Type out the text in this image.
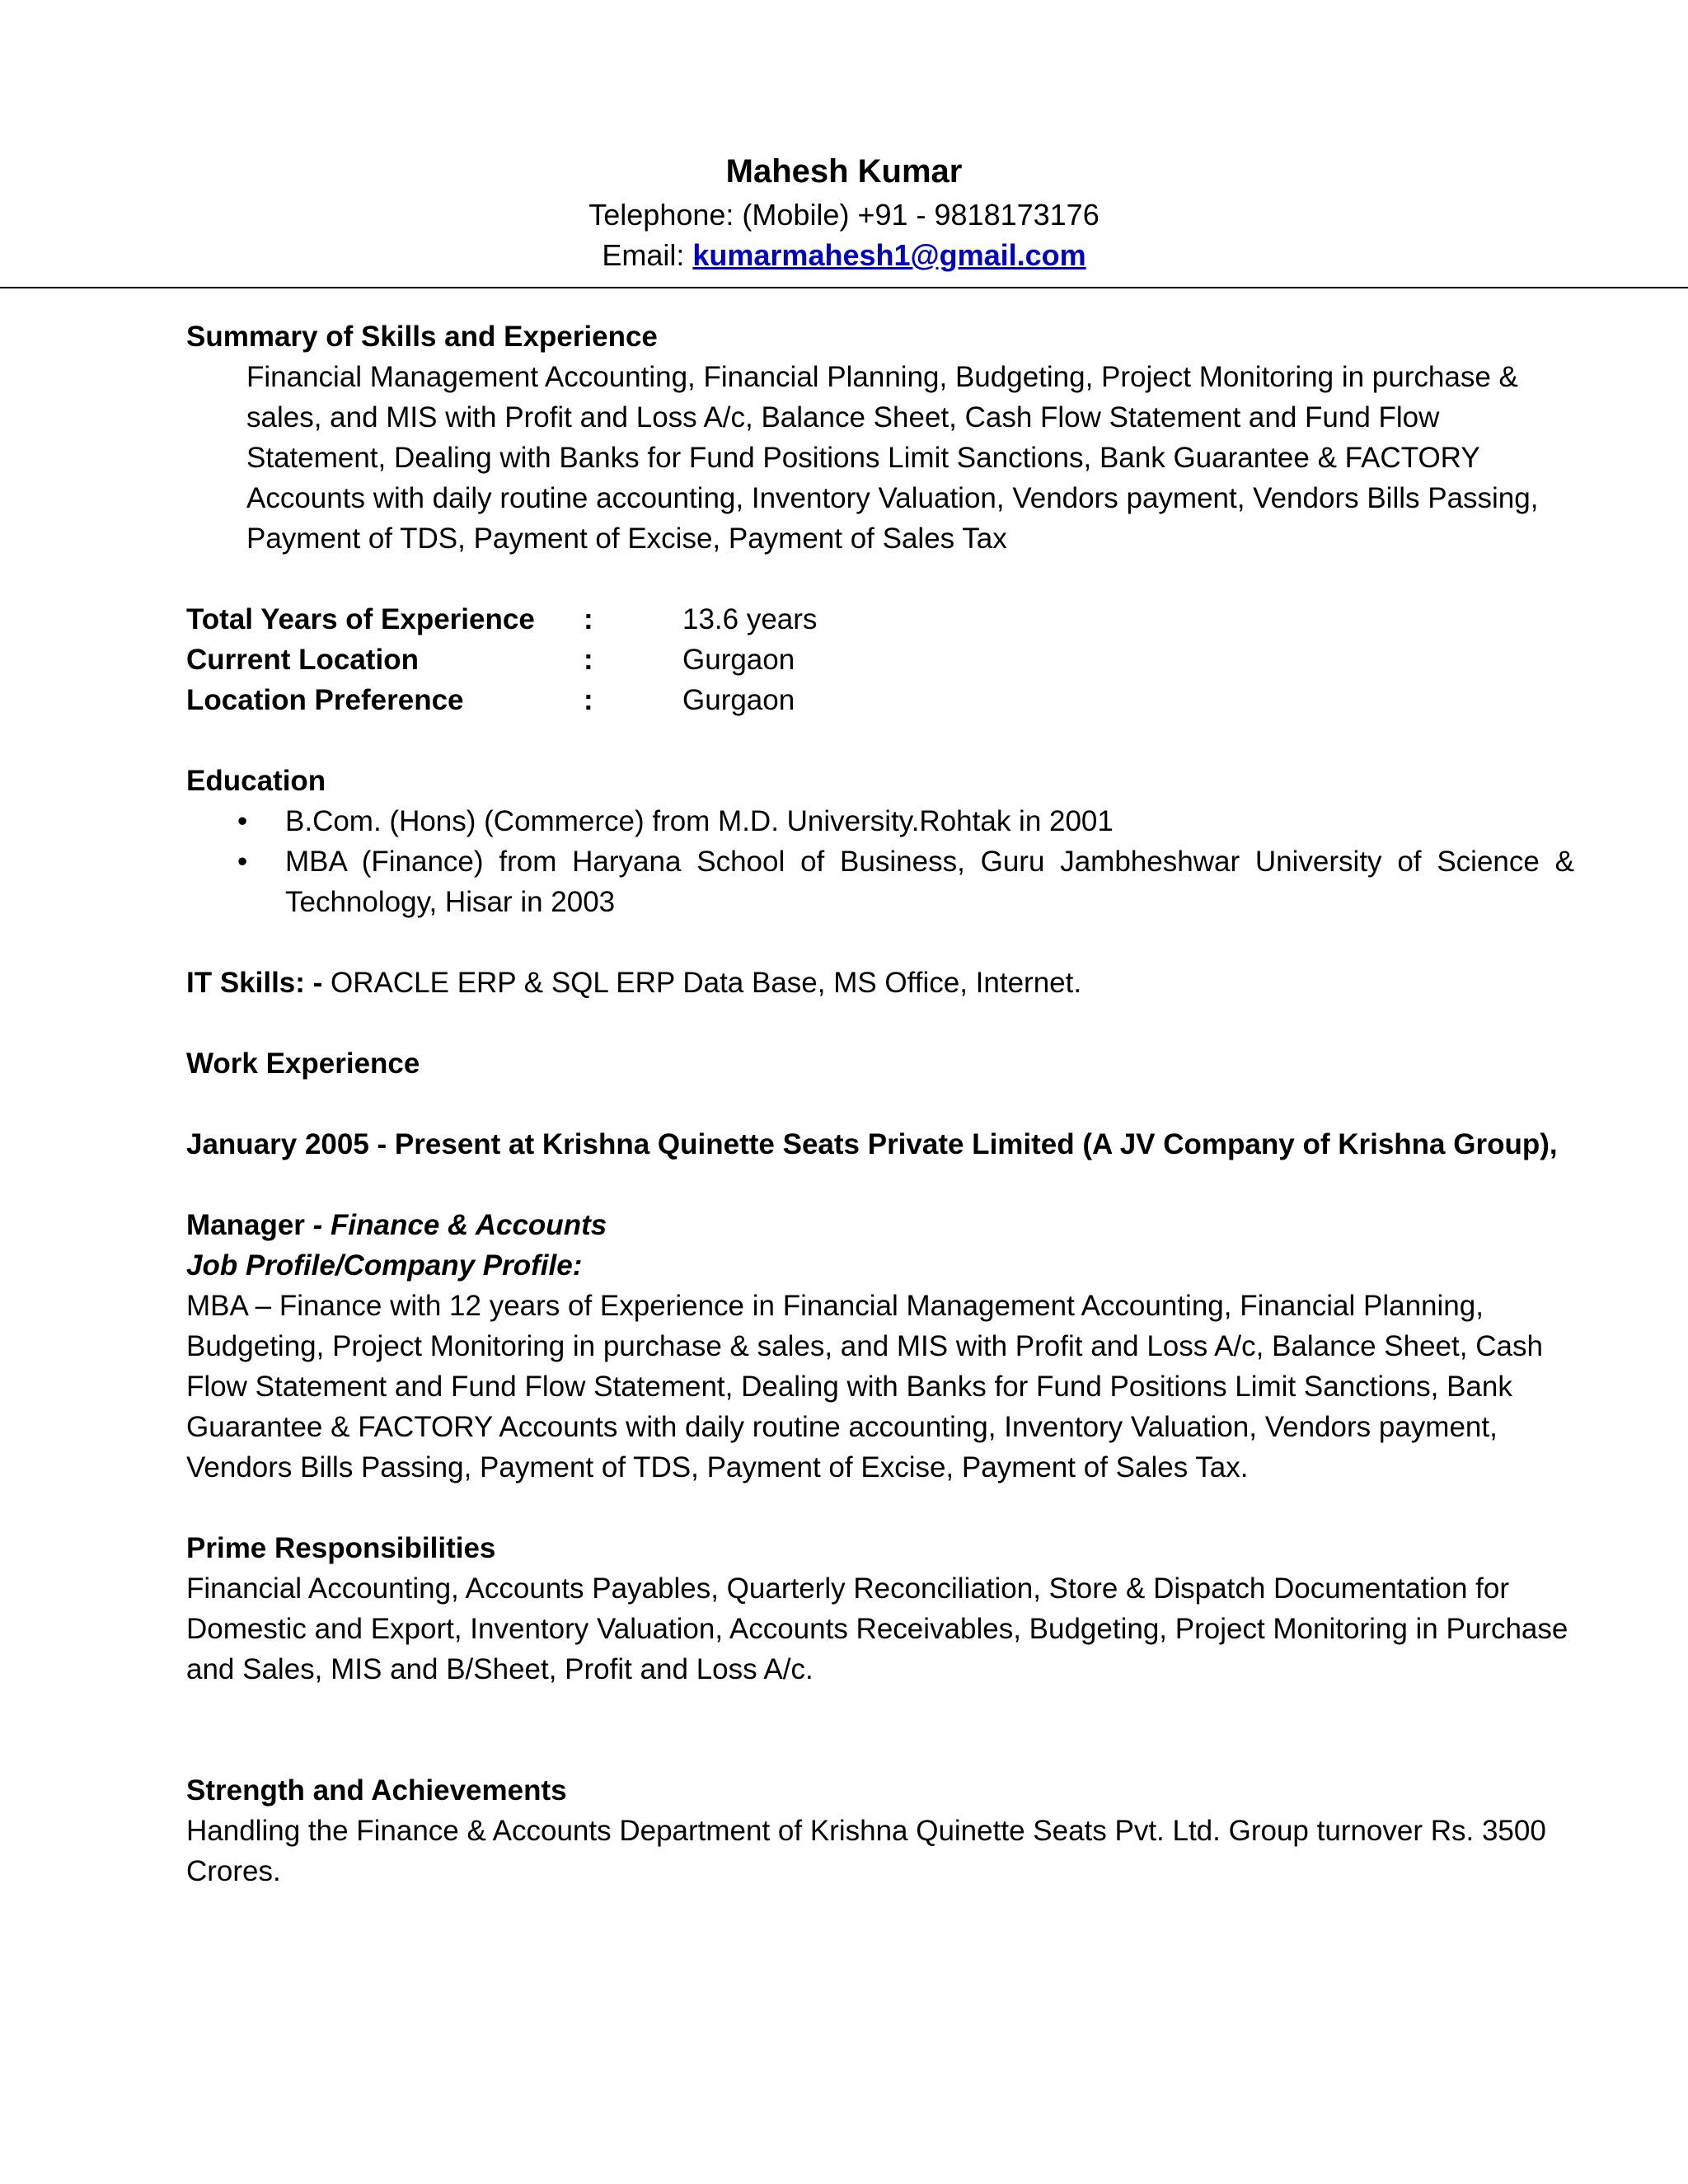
Mahesh Kumar
Telephone: (Mobile) +91 - 9818173176
Email: kumarmahesh1@gmail.com
Summary of Skills and Experience
Financial Management Accounting, Financial Planning, Budgeting, Project Monitoring in purchase & sales, and MIS with Profit and Loss A/c, Balance Sheet, Cash Flow Statement and Fund Flow Statement, Dealing with Banks for Fund Positions Limit Sanctions, Bank Guarantee & FACTORY Accounts with daily routine accounting, Inventory Valuation, Vendors payment, Vendors Bills Passing, Payment of TDS, Payment of Excise, Payment of Sales Tax
Total Years of Experience	:	13.6 years
Current Location	:	Gurgaon
Location Preference	:	Gurgaon
Education
•	B.Com. (Hons) (Commerce) from M.D. University.Rohtak in 2001
•	MBA (Finance) from Haryana School of Business, Guru Jambheshwar University of Science & Technology, Hisar in 2003
IT Skills: - ORACLE ERP & SQL ERP Data Base, MS Office, Internet.
Work Experience
January 2005 - Present at Krishna Quinette Seats Private Limited (A JV Company of Krishna Group),
Manager - Finance & Accounts
Job Profile/Company Profile:
MBA – Finance with 12 years of Experience in Financial Management Accounting, Financial Planning, Budgeting, Project Monitoring in purchase & sales, and MIS with Profit and Loss A/c, Balance Sheet, Cash Flow Statement and Fund Flow Statement, Dealing with Banks for Fund Positions Limit Sanctions, Bank Guarantee & FACTORY Accounts with daily routine accounting, Inventory Valuation, Vendors payment, Vendors Bills Passing, Payment of TDS, Payment of Excise, Payment of Sales Tax.
Prime Responsibilities
Financial Accounting, Accounts Payables, Quarterly Reconciliation, Store & Dispatch Documentation for Domestic and Export, Inventory Valuation, Accounts Receivables, Budgeting, Project Monitoring in Purchase and Sales, MIS and B/Sheet, Profit and Loss A/c.
Strength and Achievements
Handling the Finance & Accounts Department of Krishna Quinette Seats Pvt. Ltd. Group turnover Rs. 3500 Crores.
